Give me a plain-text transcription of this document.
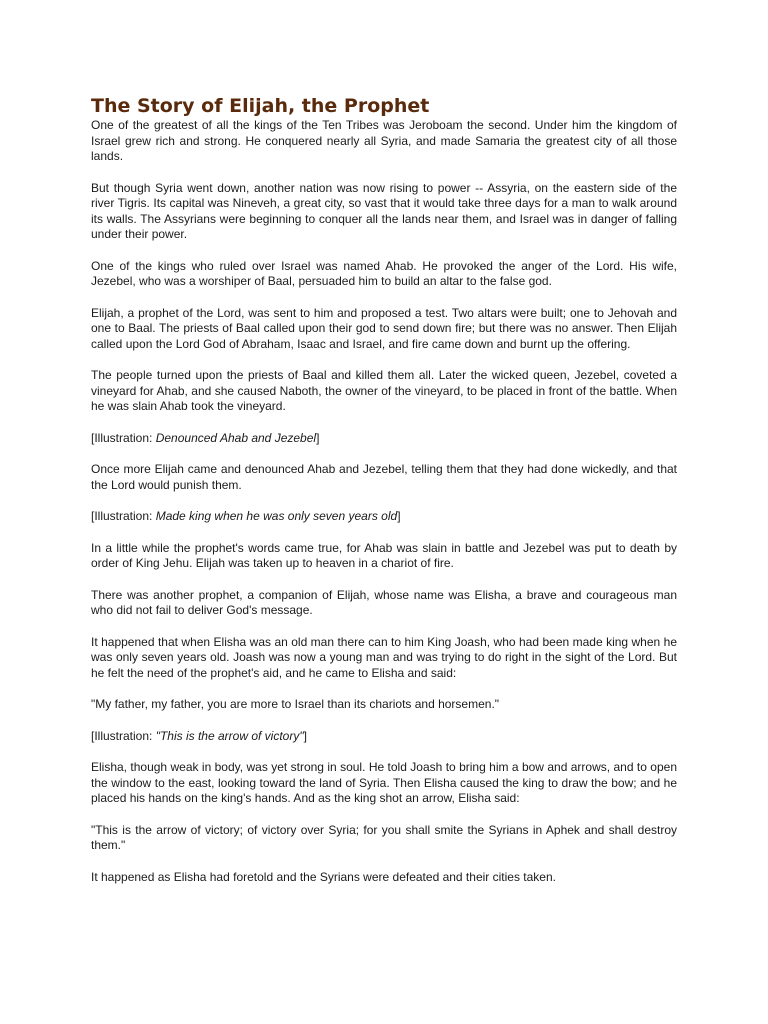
The Story of Elijah, the Prophet

One of the greatest of all the kings of the Ten Tribes was Jeroboam the second. Under him the kingdom of Israel grew rich and strong. He conquered nearly all Syria, and made Samaria the greatest city of all those lands.

But though Syria went down, another nation was now rising to power -- Assyria, on the eastern side of the river Tigris. Its capital was Nineveh, a great city, so vast that it would take three days for a man to walk around its walls. The Assyrians were beginning to conquer all the lands near them, and Israel was in danger of falling under their power.

One of the kings who ruled over Israel was named Ahab. He provoked the anger of the Lord. His wife, Jezebel, who was a worshiper of Baal, persuaded him to build an altar to the false god.

Elijah, a prophet of the Lord, was sent to him and proposed a test. Two altars were built; one to Jehovah and one to Baal. The priests of Baal called upon their god to send down fire; but there was no answer. Then Elijah called upon the Lord God of Abraham, Isaac and Israel, and fire came down and burnt up the offering.

The people turned upon the priests of Baal and killed them all. Later the wicked queen, Jezebel, coveted a vineyard for Ahab, and she caused Naboth, the owner of the vineyard, to be placed in front of the battle. When he was slain Ahab took the vineyard.

[Illustration: Denounced Ahab and Jezebel]

Once more Elijah came and denounced Ahab and Jezebel, telling them that they had done wickedly, and that the Lord would punish them.

[Illustration: Made king when he was only seven years old]

In a little while the prophet's words came true, for Ahab was slain in battle and Jezebel was put to death by order of King Jehu. Elijah was taken up to heaven in a chariot of fire.

There was another prophet, a companion of Elijah, whose name was Elisha, a brave and courageous man who did not fail to deliver God's message.

It happened that when Elisha was an old man there can to him King Joash, who had been made king when he was only seven years old. Joash was now a young man and was trying to do right in the sight of the Lord. But he felt the need of the prophet's aid, and he came to Elisha and said:

"My father, my father, you are more to Israel than its chariots and horsemen."

[Illustration: "This is the arrow of victory"]

Elisha, though weak in body, was yet strong in soul. He told Joash to bring him a bow and arrows, and to open the window to the east, looking toward the land of Syria. Then Elisha caused the king to draw the bow; and he placed his hands on the king's hands. And as the king shot an arrow, Elisha said:

"This is the arrow of victory; of victory over Syria; for you shall smite the Syrians in Aphek and shall destroy them."

It happened as Elisha had foretold and the Syrians were defeated and their cities taken.
